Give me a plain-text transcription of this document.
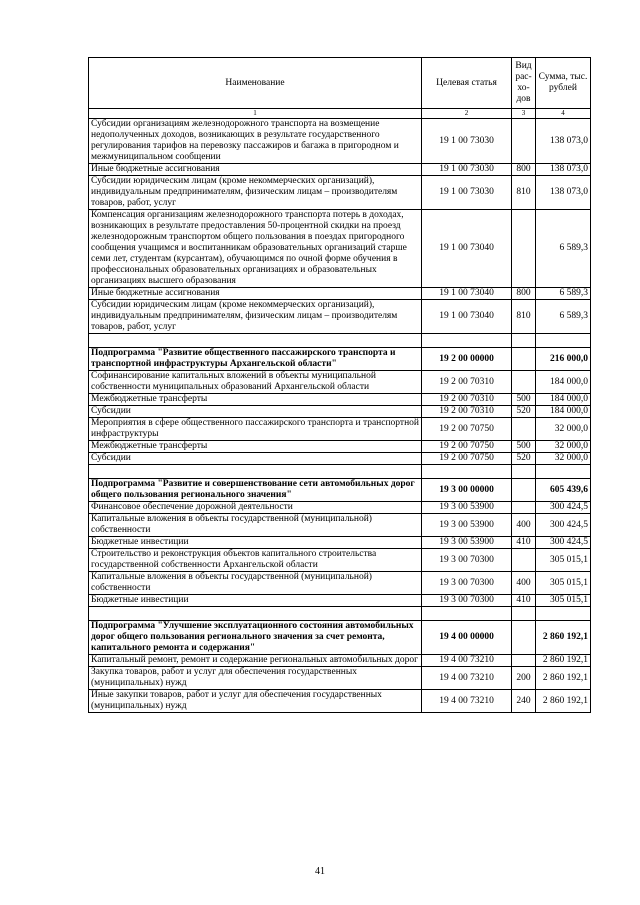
Наименование	Целевая статья	Вид рас-хо-дов	Сумма, тыс. рублей
1	2	3	4
Субсидии организациям железнодорожного транспорта на возмещение недополученных доходов, возникающих в результате государственного регулирования тарифов на перевозку пассажиров и багажа в пригородном и межмуниципальном сообщении	19 1 00 73030		138 073,0
Иные бюджетные ассигнования	19 1 00 73030	800	138 073,0
Субсидии юридическим лицам (кроме некоммерческих организаций), индивидуальным предпринимателям, физическим лицам – производителям товаров, работ, услуг	19 1 00 73030	810	138 073,0
Компенсация организациям железнодорожного транспорта потерь в доходах, возникающих в результате предоставления 50-процентной скидки на проезд железнодорожным транспортом общего пользования в поездах пригородного сообщения учащимся и воспитанникам образовательных организаций старше семи лет, студентам (курсантам), обучающимся по очной форме обучения в профессиональных образовательных организациях и образовательных организациях высшего образования	19 1 00 73040		6 589,3
Иные бюджетные ассигнования	19 1 00 73040	800	6 589,3
Субсидии юридическим лицам (кроме некоммерческих организаций), индивидуальным предпринимателям, физическим лицам – производителям товаров, работ, услуг	19 1 00 73040	810	6 589,3

Подпрограмма "Развитие общественного пассажирского транспорта и транспортной инфраструктуры Архангельской области"	19 2 00 00000		216 000,0
Софинансирование капитальных вложений в объекты муниципальной собственности муниципальных образований Архангельской области	19 2 00 70310		184 000,0
Межбюджетные трансферты	19 2 00 70310	500	184 000,0
Субсидии	19 2 00 70310	520	184 000,0
Мероприятия в сфере общественного пассажирского транспорта и транспортной инфраструктуры	19 2 00 70750		32 000,0
Межбюджетные трансферты	19 2 00 70750	500	32 000,0
Субсидии	19 2 00 70750	520	32 000,0

Подпрограмма "Развитие и совершенствование сети автомобильных дорог общего пользования регионального значения"	19 3 00 00000		605 439,6
Финансовое обеспечение дорожной деятельности	19 3 00 53900		300 424,5
Капитальные вложения в объекты государственной (муниципальной) собственности	19 3 00 53900	400	300 424,5
Бюджетные инвестиции	19 3 00 53900	410	300 424,5
Строительство и реконструкция объектов капитального строительства государственной собственности Архангельской области	19 3 00 70300		305 015,1
Капитальные вложения в объекты государственной (муниципальной) собственности	19 3 00 70300	400	305 015,1
Бюджетные инвестиции	19 3 00 70300	410	305 015,1

Подпрограмма "Улучшение эксплуатационного состояния автомобильных дорог общего пользования регионального значения за счет ремонта, капитального ремонта и содержания"	19 4 00 00000		2 860 192,1
Капитальный ремонт, ремонт и содержание региональных автомобильных дорог	19 4 00 73210		2 860 192,1
Закупка товаров, работ и услуг для обеспечения государственных (муниципальных) нужд	19 4 00 73210	200	2 860 192,1
Иные закупки товаров, работ и услуг для обеспечения государственных (муниципальных) нужд	19 4 00 73210	240	2 860 192,1
41
